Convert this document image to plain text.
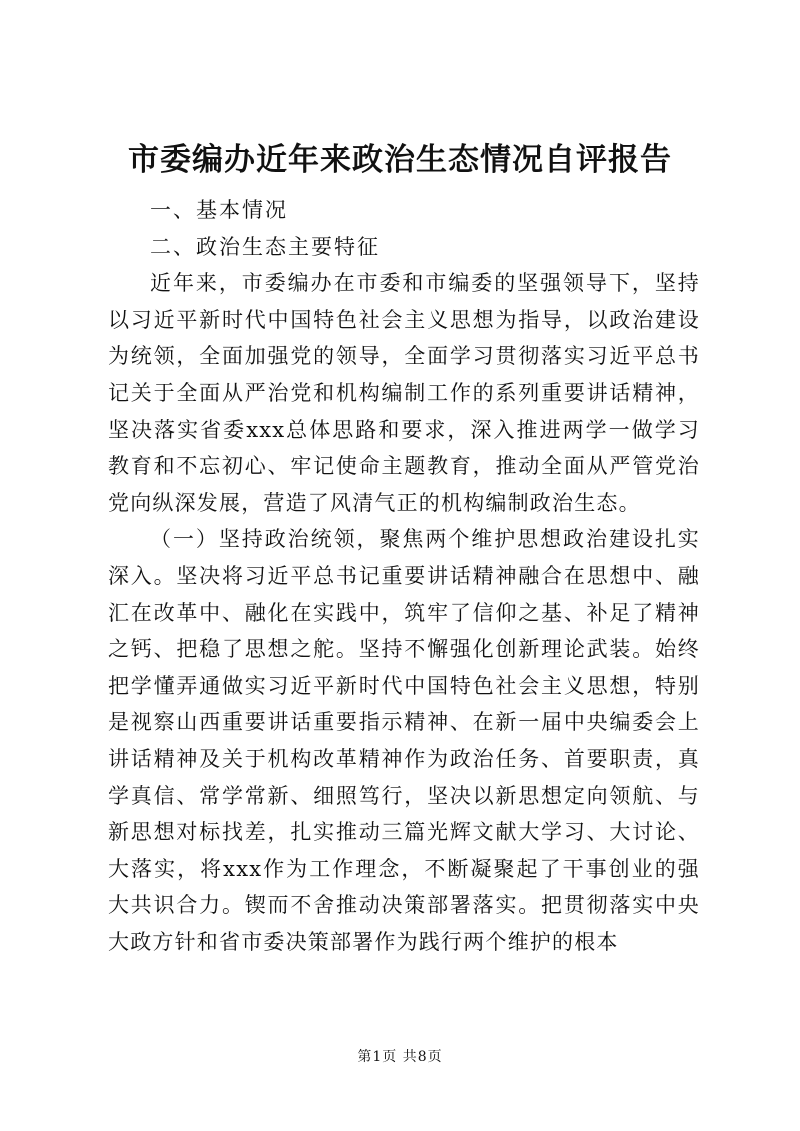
市委编办近年来政治生态情况自评报告

一、基本情况

二、政治生态主要特征

近年来，市委编办在市委和市编委的坚强领导下，坚持以习近平新时代中国特色社会主义思想为指导，以政治建设为统领，全面加强党的领导，全面学习贯彻落实习近平总书记关于全面从严治党和机构编制工作的系列重要讲话精神，坚决落实省委xxx总体思路和要求，深入推进两学一做学习教育和不忘初心、牢记使命主题教育，推动全面从严管党治党向纵深发展，营造了风清气正的机构编制政治生态。

（一）坚持政治统领，聚焦两个维护思想政治建设扎实深入。坚决将习近平总书记重要讲话精神融合在思想中、融汇在改革中、融化在实践中，筑牢了信仰之基、补足了精神之钙、把稳了思想之舵。坚持不懈强化创新理论武装。始终把学懂弄通做实习近平新时代中国特色社会主义思想，特别是视察山西重要讲话重要指示精神、在新一届中央编委会上讲话精神及关于机构改革精神作为政治任务、首要职责，真学真信、常学常新、细照笃行，坚决以新思想定向领航、与新思想对标找差，扎实推动三篇光辉文献大学习、大讨论、大落实，将xxx作为工作理念，不断凝聚起了干事创业的强大共识合力。锲而不舍推动决策部署落实。把贯彻落实中央大政方针和省市委决策部署作为践行两个维护的根本

第1页 共8页
